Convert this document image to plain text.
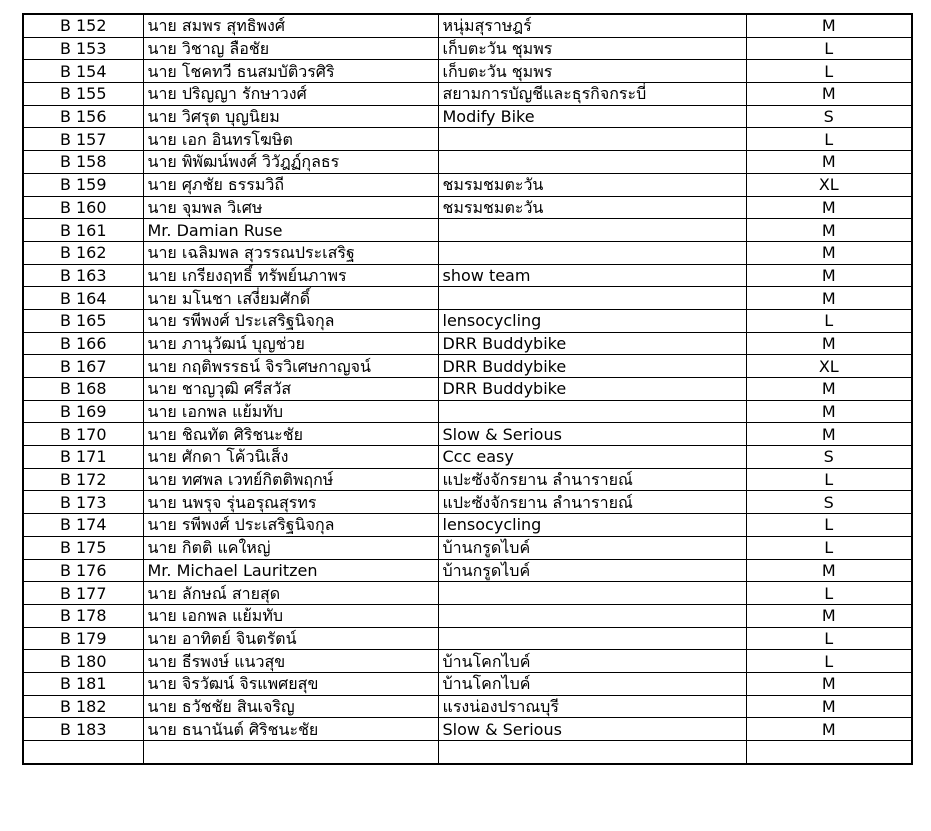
B 152	นาย สมพร สุทธิพงศ์	หนุ่มสุราษฎร์	M
B 153	นาย วิชาญ ลือชัย	เก็บตะวัน ชุมพร	L
B 154	นาย โชคทวี ธนสมบัติวรศิริ	เก็บตะวัน ชุมพร	L
B 155	นาย ปริญญา รักษาวงศ์	สยามการบัญชีและธุรกิจกระบี่	M
B 156	นาย วิศรุต บุญนิยม	Modify Bike	S
B 157	นาย เอก อินทรโฆษิต		L
B 158	นาย พิพัฒน์พงศ์ วิวัฎฏ์กุลธร		M
B 159	นาย ศุภชัย ธรรมวิถี	ชมรมชมตะวัน	XL
B 160	นาย จุมพล วิเศษ	ชมรมชมตะวัน	M
B 161	Mr. Damian Ruse		M
B 162	นาย เฉลิมพล สุวรรณประเสริฐ		M
B 163	นาย เกรียงฤทธิ์ ทรัพย์นภาพร	show team	M
B 164	นาย มโนชา เสงี่ยมศักดิ์		M
B 165	นาย รพีพงศ์ ประเสริฐนิจกุล	lensocycling	L
B 166	นาย ภานุวัฒน์ บุญช่วย	DRR Buddybike	M
B 167	นาย กฤติพรรธน์ จิรวิเศษกาญจน์	DRR Buddybike	XL
B 168	นาย ชาญวุฒิ ศรีสวัส	DRR Buddybike	M
B 169	นาย เอกพล แย้มทับ		M
B 170	นาย ชิณทัต ศิริชนะชัย	Slow & Serious	M
B 171	นาย ศักดา โค้วนิเส็ง	Ccc easy	S
B 172	นาย ทศพล เวทย์กิตติพฤกษ์	แปะซังจักรยาน ลำนารายณ์	L
B 173	นาย นพรุจ รุ่นอรุณสุรทร	แปะซังจักรยาน ลำนารายณ์	S
B 174	นาย รพีพงศ์ ประเสริฐนิจกุล	lensocycling	L
B 175	นาย กิตติ แคใหญ่	บ้านกรูดไบค์	L
B 176	Mr. Michael Lauritzen	บ้านกรูดไบค์	M
B 177	นาย ลักษณ์ สายสุด		L
B 178	นาย เอกพล แย้มทับ		M
B 179	นาย อาทิตย์ จินตรัตน์		L
B 180	นาย ธีรพงษ์ แนวสุข	บ้านโคกไบค์	L
B 181	นาย จิรวัฒน์ จิรแพศยสุข	บ้านโคกไบค์	M
B 182	นาย ธวัชชัย สินเจริญ	แรงน่องปราณบุรี	M
B 183	นาย ธนานันต์ ศิริชนะชัย	Slow & Serious	M
